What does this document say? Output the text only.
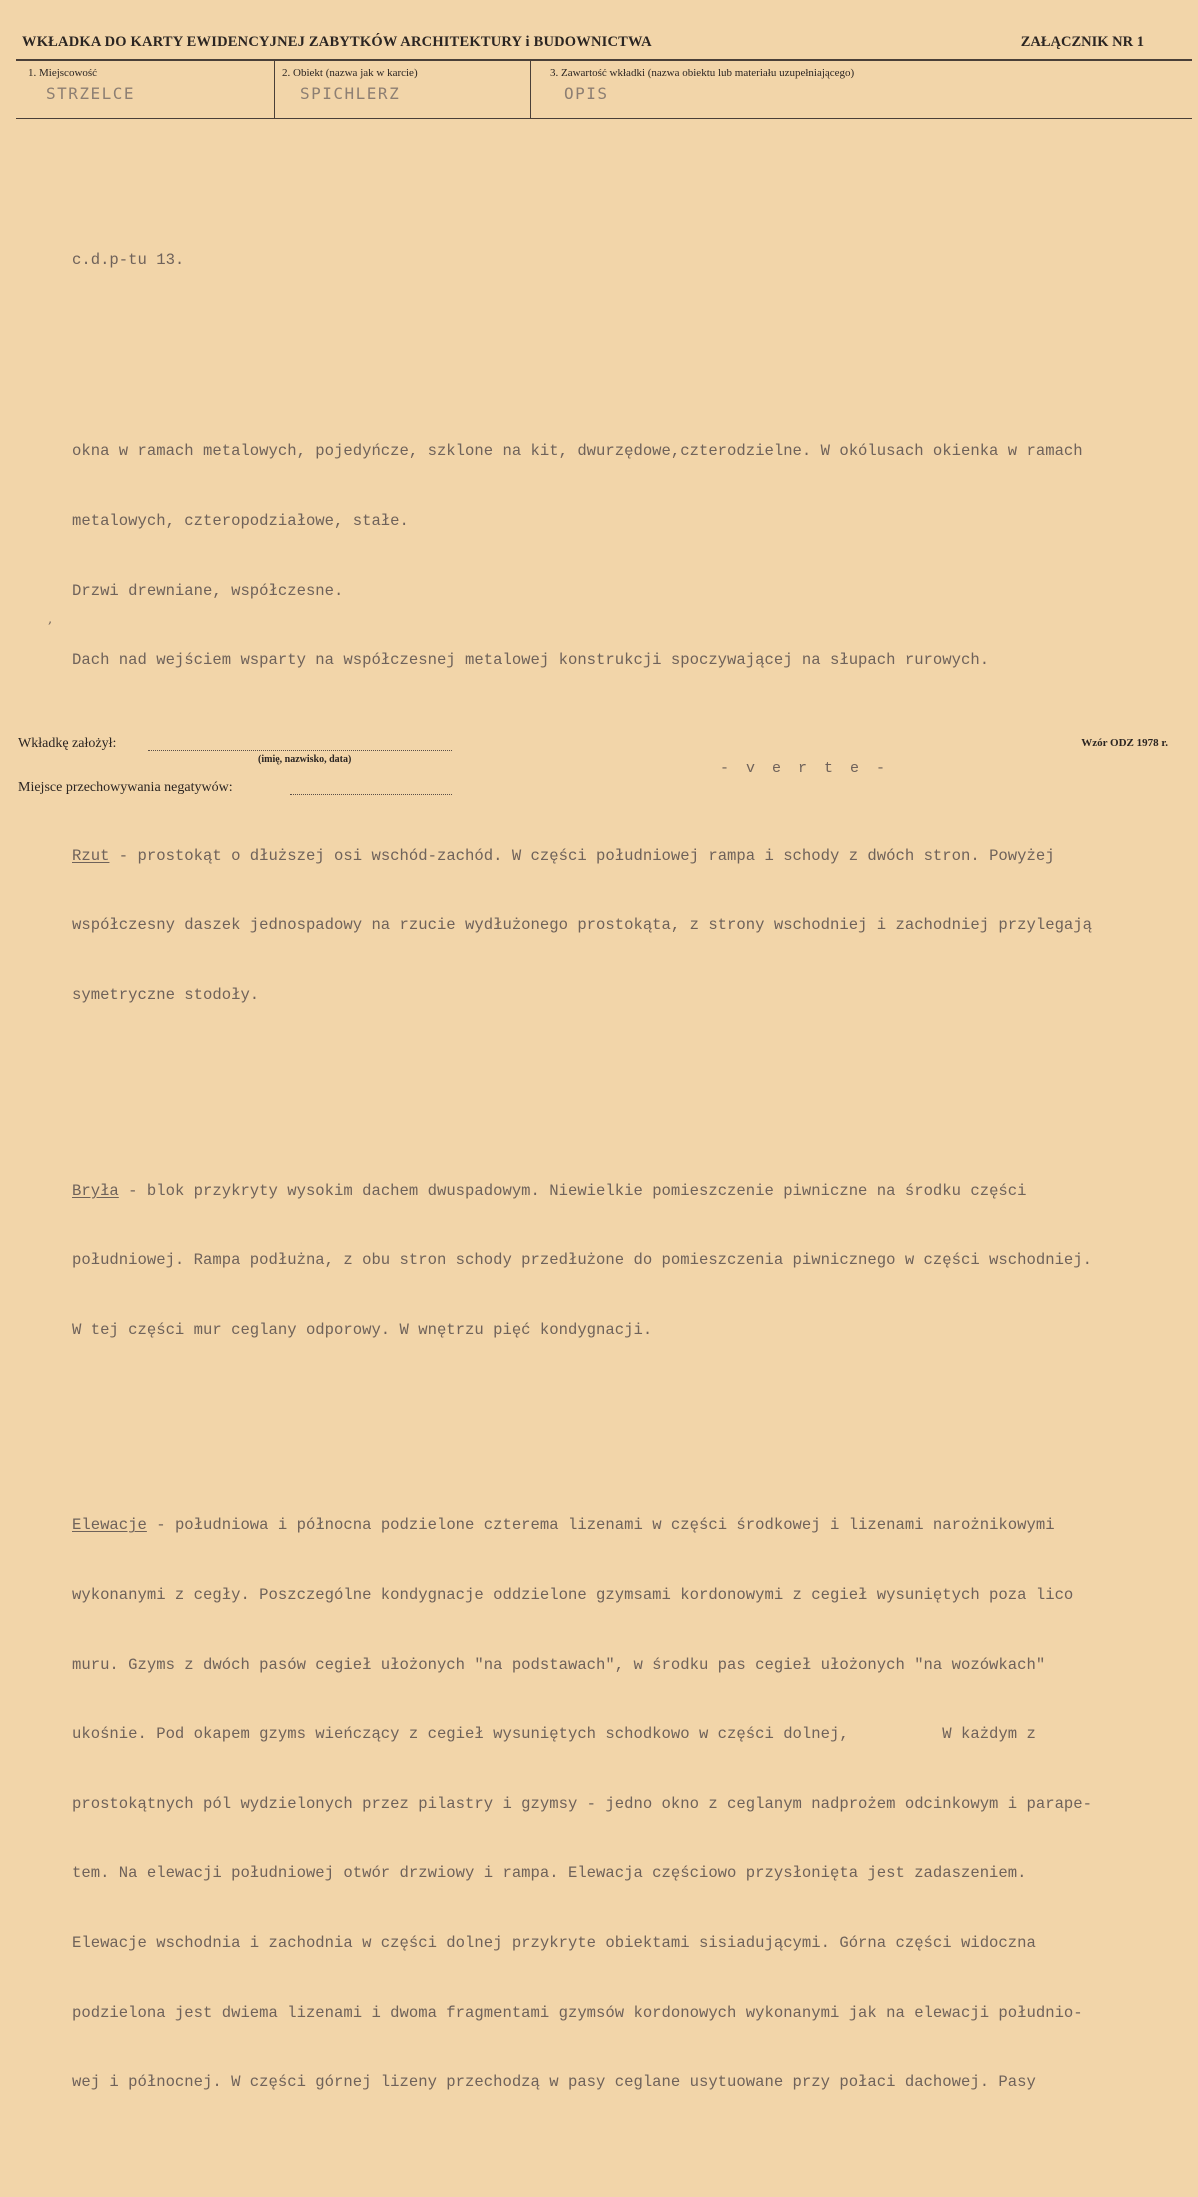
WKŁADKA DO KARTY EWIDENCYJNEJ ZABYTKÓW ARCHITEKTURY i BUDOWNICTWA	ZAŁĄCZNIK NR 1
1. Miejscowość
STRZELCE
2. Obiekt (nazwa jak w karcie)
SPICHLERZ
3. Zawartość wkładki (nazwa obiektu lub materiału uzupełniającego)
OPIS

c.d.p-tu 13.

okna w ramach metalowych, pojedyńcze, szklone na kit, dwurzędowe,czterodzielne. W okólusach okienka w ramach

metalowych, czteropodziałowe, stałe.

Drzwi drewniane, współczesne.

Dach nad wejściem wsparty na współczesnej metalowej konstrukcji spoczywającej na słupach rurowych.

Rzut - prostokąt o dłuższej osi wschód-zachód. W części południowej rampa i schody z dwóch stron. Powyżej

współczesny daszek jednospadowy na rzucie wydłużonego prostokąta, z strony wschodniej i zachodniej przylegają

symetryczne stodoły.

Bryła - blok przykryty wysokim dachem dwuspadowym. Niewielkie pomieszczenie piwniczne na środku części

południowej. Rampa podłużna, z obu stron schody przedłużone do pomieszczenia piwnicznego w części wschodniej.

W tej części mur ceglany odporowy. W wnętrzu pięć kondygnacji.

Elewacje - południowa i północna podzielone czterema lizenami w części środkowej i lizenami narożnikowymi

wykonanymi z cegły. Poszczególne kondygnacje oddzielone gzymsami kordonowymi z cegieł wysuniętych poza lico

muru. Gzyms z dwóch pasów cegieł ułożonych "na podstawach", w środku pas cegieł ułożonych "na wozówkach"

ukośnie. Pod okapem gzyms wieńczący z cegieł wysuniętych schodkowo w części dolnej,          W każdym z

prostokątnych pól wydzielonych przez pilastry i gzymsy - jedno okno z ceglanym nadprożem odcinkowym i parape-

tem. Na elewacji południowej otwór drzwiowy i rampa. Elewacja częściowo przysłonięta jest zadaszeniem.

Elewacje wschodnia i zachodnia w części dolnej przykryte obiektami sisiadującymi. Górna części widoczna

podzielona jest dwiema lizenami i dwoma fragmentami gzymsów kordonowych wykonanymi jak na elewacji południo-

wej i północnej. W części górnej lizeny przechodzą w pasy ceglane usytuowane przy połaci dachowej. Pasy

,
Wkładkę założył:
(imię, nazwisko, data)
Wzór ODZ 1978 r.
- v e r t e -
Miejsce przechowywania negatywów:
